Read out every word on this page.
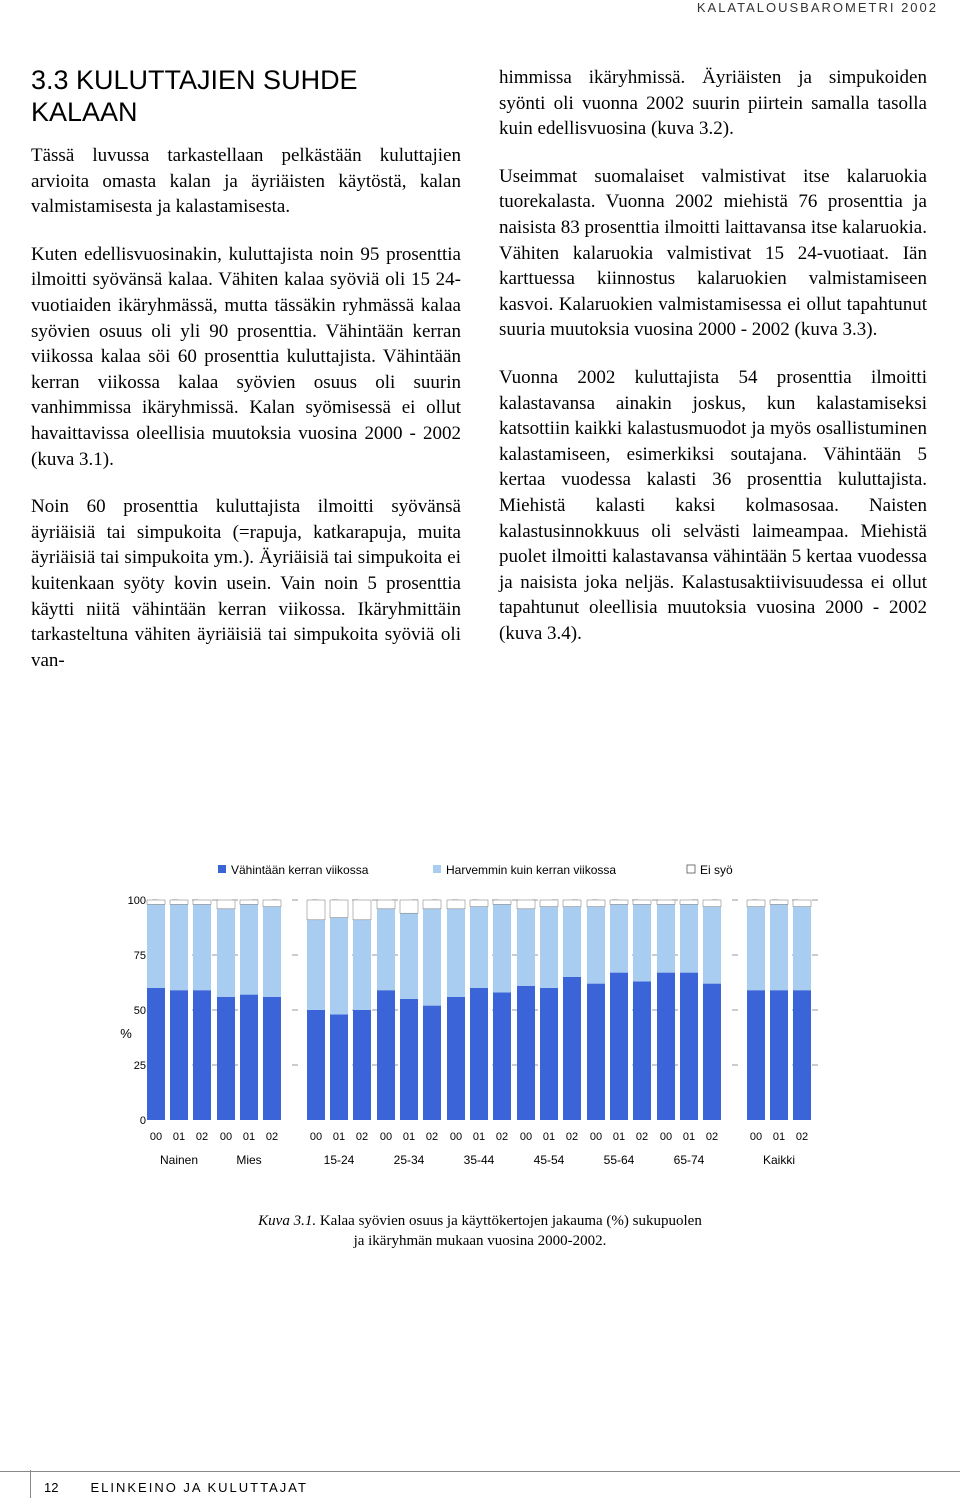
KALATALOUSBAROMETRI 2002
3.3 KULUTTAJIEN SUHDE
KALAAN

Tässä luvussa tarkastellaan pelkästään kuluttajien arvioita omasta kalan ja äyriäisten käytöstä, kalan valmistamisesta ja kalastamisesta.

Kuten edellisvuosinakin, kuluttajista noin 95 prosenttia ilmoitti syövänsä kalaa. Vähiten kalaa syöviä oli 15 24-vuotiaiden ikäryhmässä, mutta tässäkin ryhmässä kalaa syövien osuus oli yli 90 prosenttia. Vähintään kerran viikossa kalaa söi 60 prosenttia kuluttajista. Vähintään kerran viikossa kalaa syövien osuus oli suurin vanhimmissa ikäryhmissä. Kalan syömisessä ei ollut havaittavissa oleellisia muutoksia vuosina 2000 - 2002 (kuva 3.1).

Noin 60 prosenttia kuluttajista ilmoitti syövänsä äyriäisiä tai simpukoita (=rapuja, katkarapuja, muita äyriäisiä tai simpukoita ym.). Äyriäisiä tai simpukoita ei kuitenkaan syöty kovin usein. Vain noin 5 prosenttia käytti niitä vähintään kerran viikossa. Ikäryhmittäin tarkasteltuna vähiten äyriäisiä tai simpukoita syöviä oli van-

himmissa ikäryhmissä. Äyriäisten ja simpukoiden syönti oli vuonna 2002 suurin piirtein samalla tasolla kuin edellisvuosina (kuva 3.2).

Useimmat suomalaiset valmistivat itse kalaruokia tuorekalasta. Vuonna 2002 miehistä 76 prosenttia ja naisista 83 prosenttia ilmoitti laittavansa itse kalaruokia. Vähiten kalaruokia valmistivat 15 24-vuotiaat. Iän karttuessa kiinnostus kalaruokien valmistamiseen kasvoi. Kalaruokien valmistamisessa ei ollut tapahtunut suuria muutoksia vuosina 2000 - 2002 (kuva 3.3).

Vuonna 2002 kuluttajista 54 prosenttia ilmoitti kalastavansa ainakin joskus, kun kalastamiseksi katsottiin kaikki kalastusmuodot ja myös osallistuminen kalastamiseen, esimerkiksi soutajana. Vähintään 5 kertaa vuodessa kalasti 36 prosenttia kuluttajista. Miehistä kalasti kaksi kolmasosaa. Naisten kalastusinnokkuus oli selvästi laimeampaa. Miehistä puolet ilmoitti kalastavansa vähintään 5 kertaa vuodessa ja naisista joka neljäs. Kalastusaktiivisuudessa ei ollut tapahtunut oleellisia muutoksia vuosina 2000 - 2002 (kuva 3.4).

Vähintään kerran viikossa	Harvemmin kuin kerran viikossa	Ei syö
0
25
50
75
100
%
00 01 02
Nainen
00 01 02
Mies
00 01 02
15-24
00 01 02
25-34
00 01 02
35-44
00 01 02
45-54
00 01 02
55-64
00 01 02
65-74
00 01 02
Kaikki
Kuva 3.1. Kalaa syövien osuus ja käyttökertojen jakauma (%) sukupuolen
ja ikäryhmän mukaan vuosina 2000-2002.
12 ELINKEINO JA KULUTTAJAT
